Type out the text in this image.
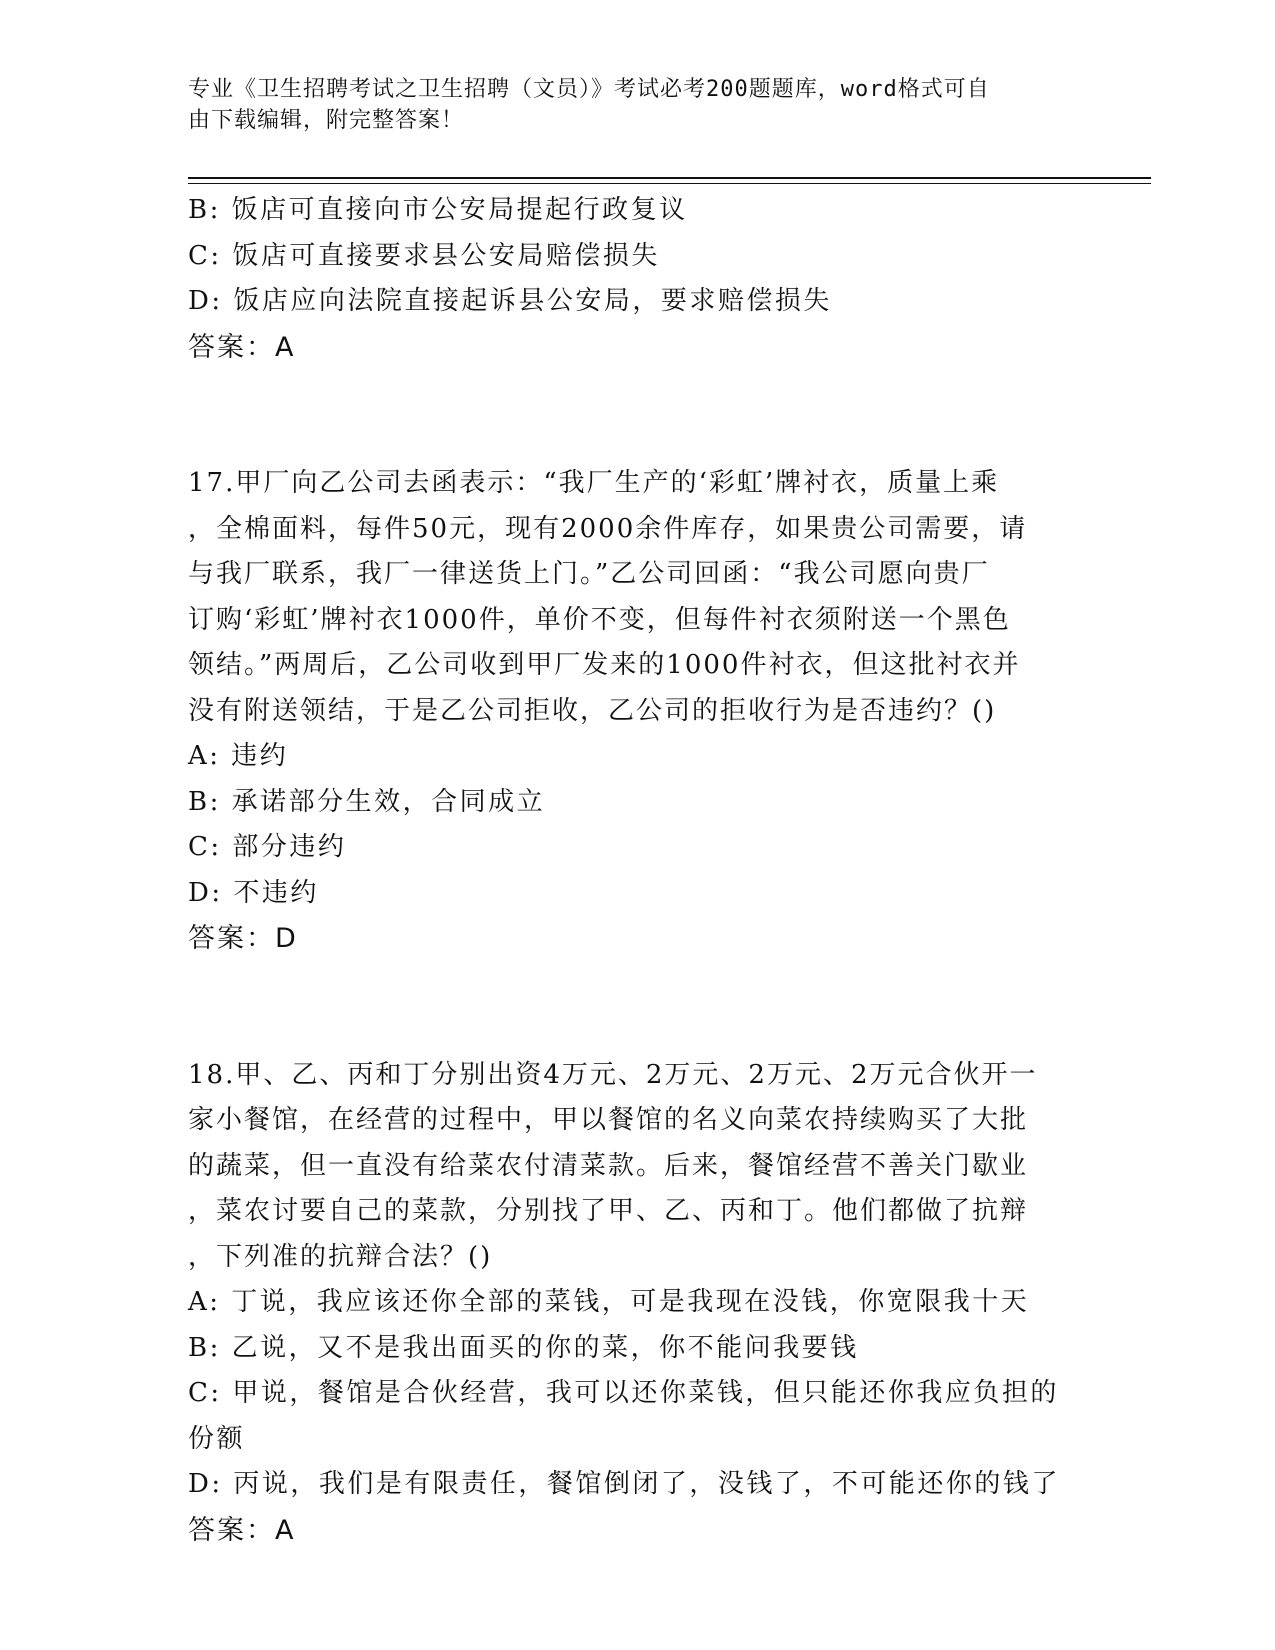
专业《卫生招聘考试之卫生招聘（文员）》考试必考200题题库，word格式可自
由下载编辑，附完整答案！
B: 饭店可直接向市公安局提起行政复议
C: 饭店可直接要求县公安局赔偿损失
D: 饭店应向法院直接起诉县公安局，要求赔偿损失
答案：A
17.甲厂向乙公司去函表示：“我厂生产的‘彩虹’牌衬衣，质量上乘
，全棉面料，每件50元，现有2000余件库存，如果贵公司需要，请
与我厂联系，我厂一律送货上门。”乙公司回函：“我公司愿向贵厂
订购‘彩虹’牌衬衣1000件，单价不变，但每件衬衣须附送一个黑色
领结。”两周后，乙公司收到甲厂发来的1000件衬衣，但这批衬衣并
没有附送领结，于是乙公司拒收，乙公司的拒收行为是否违约？()
A: 违约
B: 承诺部分生效，合同成立
C: 部分违约
D: 不违约
答案：D
18.甲、乙、丙和丁分别出资4万元、2万元、2万元、2万元合伙开一
家小餐馆，在经营的过程中，甲以餐馆的名义向菜农持续购买了大批
的蔬菜，但一直没有给菜农付清菜款。后来，餐馆经营不善关门歇业
，菜农讨要自己的菜款，分别找了甲、乙、丙和丁。他们都做了抗辩
，下列准的抗辩合法？()
A: 丁说，我应该还你全部的菜钱，可是我现在没钱，你宽限我十天
B: 乙说，又不是我出面买的你的菜，你不能问我要钱
C: 甲说，餐馆是合伙经营，我可以还你菜钱，但只能还你我应负担的
份额
D: 丙说，我们是有限责任，餐馆倒闭了，没钱了，不可能还你的钱了
答案：A
